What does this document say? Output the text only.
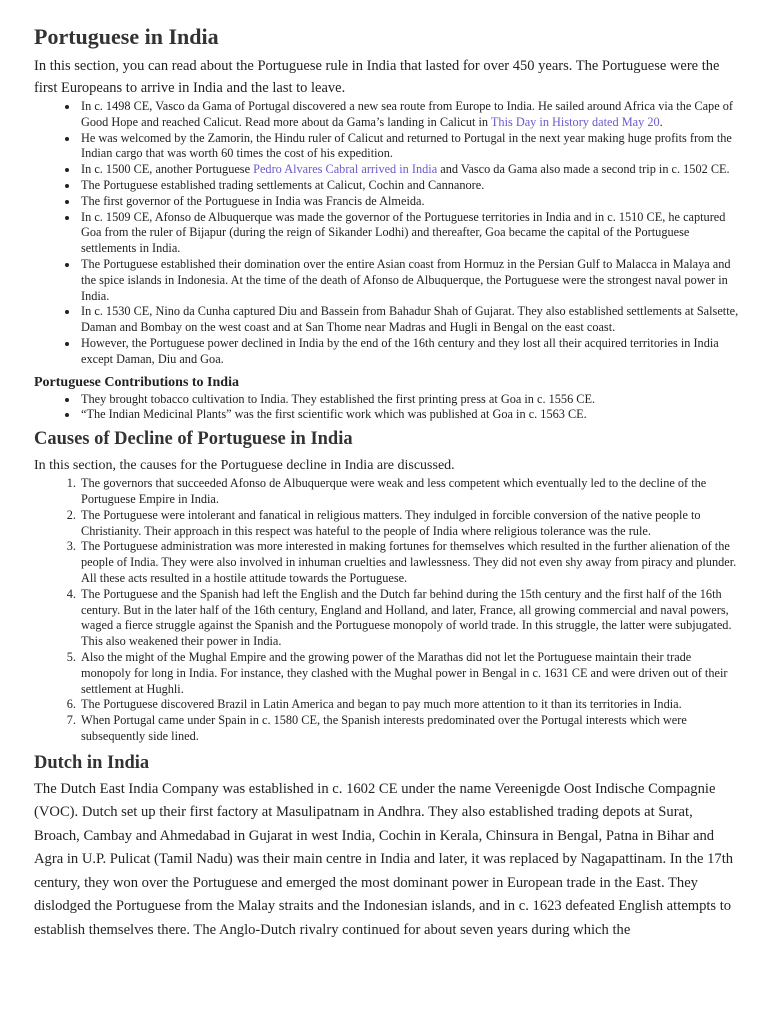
Portuguese in India

In this section, you can read about the Portuguese rule in India that lasted for over 450 years. The Portuguese were the first Europeans to arrive in India and the last to leave.

• In c. 1498 CE, Vasco da Gama of Portugal discovered a new sea route from Europe to India. He sailed around Africa via the Cape of Good Hope and reached Calicut. Read more about da Gama’s landing in Calicut in This Day in History dated May 20.
• He was welcomed by the Zamorin, the Hindu ruler of Calicut and returned to Portugal in the next year making huge profits from the Indian cargo that was worth 60 times the cost of his expedition.
• In c. 1500 CE, another Portuguese Pedro Alvares Cabral arrived in India and Vasco da Gama also made a second trip in c. 1502 CE.
• The Portuguese established trading settlements at Calicut, Cochin and Cannanore.
• The first governor of the Portuguese in India was Francis de Almeida.
• In c. 1509 CE, Afonso de Albuquerque was made the governor of the Portuguese territories in India and in c. 1510 CE, he captured Goa from the ruler of Bijapur (during the reign of Sikander Lodhi) and thereafter, Goa became the capital of the Portuguese settlements in India.
• The Portuguese established their domination over the entire Asian coast from Hormuz in the Persian Gulf to Malacca in Malaya and the spice islands in Indonesia. At the time of the death of Afonso de Albuquerque, the Portuguese were the strongest naval power in India.
• In c. 1530 CE, Nino da Cunha captured Diu and Bassein from Bahadur Shah of Gujarat. They also established settlements at Salsette, Daman and Bombay on the west coast and at San Thome near Madras and Hugli in Bengal on the east coast.
• However, the Portuguese power declined in India by the end of the 16th century and they lost all their acquired territories in India except Daman, Diu and Goa.
Portuguese Contributions to India
• They brought tobacco cultivation to India. They established the first printing press at Goa in c. 1556 CE.
• “The Indian Medicinal Plants” was the first scientific work which was published at Goa in c. 1563 CE.
Causes of Decline of Portuguese in India

In this section, the causes for the Portuguese decline in India are discussed.

1. The governors that succeeded Afonso de Albuquerque were weak and less competent which eventually led to the decline of the Portuguese Empire in India.
2. The Portuguese were intolerant and fanatical in religious matters. They indulged in forcible conversion of the native people to Christianity. Their approach in this respect was hateful to the people of India where religious tolerance was the rule.
3. The Portuguese administration was more interested in making fortunes for themselves which resulted in the further alienation of the people of India. They were also involved in inhuman cruelties and lawlessness. They did not even shy away from piracy and plunder. All these acts resulted in a hostile attitude towards the Portuguese.
4. The Portuguese and the Spanish had left the English and the Dutch far behind during the 15th century and the first half of the 16th century. But in the later half of the 16th century, England and Holland, and later, France, all growing commercial and naval powers, waged a fierce struggle against the Spanish and the Portuguese monopoly of world trade. In this struggle, the latter were subjugated. This also weakened their power in India.
5. Also the might of the Mughal Empire and the growing power of the Marathas did not let the Portuguese maintain their trade monopoly for long in India. For instance, they clashed with the Mughal power in Bengal in c. 1631 CE and were driven out of their settlement at Hughli.
6. The Portuguese discovered Brazil in Latin America and began to pay much more attention to it than its territories in India.
7. When Portugal came under Spain in c. 1580 CE, the Spanish interests predominated over the Portugal interests which were subsequently side lined.
Dutch in India

The Dutch East India Company was established in c. 1602 CE under the name Vereenigde Oost Indische Compagnie (VOC). Dutch set up their first factory at Masulipatnam in Andhra. They also established trading depots at Surat, Broach, Cambay and Ahmedabad in Gujarat in west India, Cochin in Kerala, Chinsura in Bengal, Patna in Bihar and Agra in U.P. Pulicat (Tamil Nadu) was their main centre in India and later, it was replaced by Nagapattinam. In the 17th century, they won over the Portuguese and emerged the most dominant power in European trade in the East. They dislodged the Portuguese from the Malay straits and the Indonesian islands, and in c. 1623 defeated English attempts to establish themselves there. The Anglo-Dutch rivalry continued for about seven years during which the
